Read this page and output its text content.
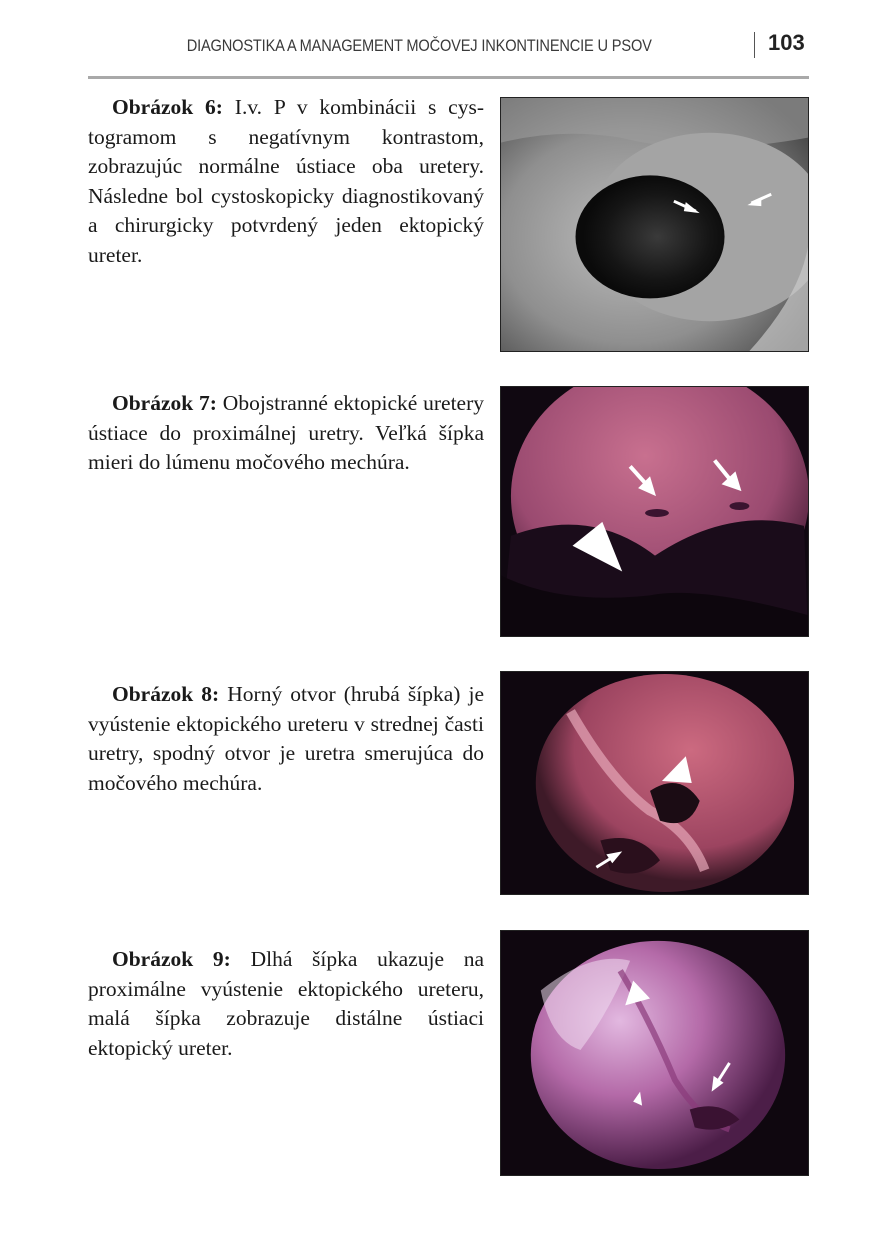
DIAGNOSTIKA A MANAGEMENT MOČOVEJ INKONTINENCIE U PSOV	103

Obrázok 6: I.v. P v kombinácii s cystogramom s negatívnym kontrastom, zobrazujúc normálne ústiace oba uretery. Následne bol cystoskopicky diagnostikovaný a chirurgicky potvrdený jeden ektopický ureter.

Obrázok 7: Obojstranné ektopické uretery ústiace do proximálnej uretry. Veľká šípka mieri do lúmenu močového mechúra.

Obrázok 8: Horný otvor (hrubá šípka) je vyústenie ektopického ureteru v strednej časti uretry, spodný otvor je uretra smerujúca do močového mechúra.

Obrázok 9: Dlhá šípka ukazuje na proximálne vyústenie ektopického ureteru, malá šípka zobrazuje distálne ústiaci ektopický ureter.
